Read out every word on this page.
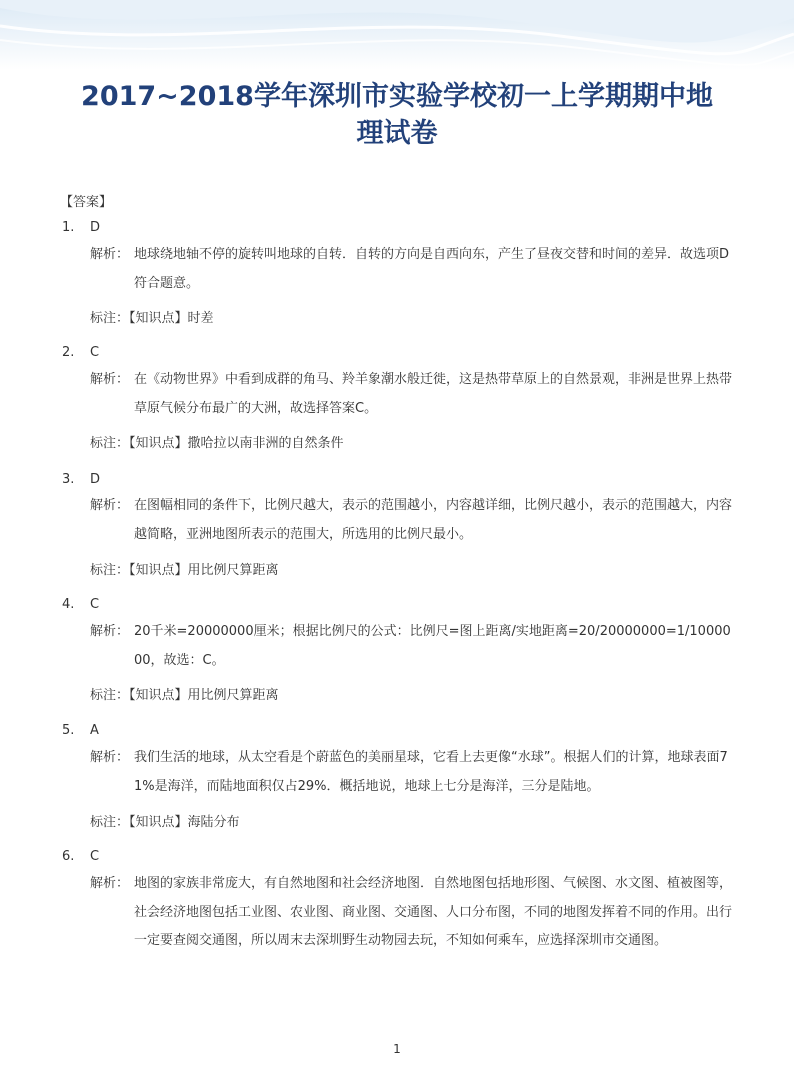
2017~2018学年深圳市实验学校初一上学期期中地
理试卷
【答案】
1. D
解析： 地球绕地轴不停的旋转叫地球的自转．自转的方向是自西向东，产生了昼夜交替和时间的差异．故选项D符合题意。
标注：【知识点】时差
2. C
解析： 在《动物世界》中看到成群的角马、羚羊象潮水般迁徙，这是热带草原上的自然景观，非洲是世界上热带草原气候分布最广的大洲，故选择答案C。
标注：【知识点】撒哈拉以南非洲的自然条件
3. D
解析： 在图幅相同的条件下，比例尺越大，表示的范围越小，内容越详细，比例尺越小，表示的范围越大，内容越简略，亚洲地图所表示的范围大，所选用的比例尺最小。
标注：【知识点】用比例尺算距离
4. C
解析： 20千米=20000000厘米；根据比例尺的公式：比例尺=图上距离/实地距离=20/20000000=1/1000000，故选：C。
标注：【知识点】用比例尺算距离
5. A
解析： 我们生活的地球，从太空看是个蔚蓝色的美丽星球，它看上去更像“水球”。根据人们的计算，地球表面71%是海洋，而陆地面积仅占29%．概括地说，地球上七分是海洋，三分是陆地。
标注：【知识点】海陆分布
6. C
解析： 地图的家族非常庞大，有自然地图和社会经济地图．自然地图包括地形图、气候图、水文图、植被图等，社会经济地图包括工业图、农业图、商业图、交通图、人口分布图，不同的地图发挥着不同的作用。出行一定要查阅交通图，所以周末去深圳野生动物园去玩，不知如何乘车，应选择深圳市交通图。
1
